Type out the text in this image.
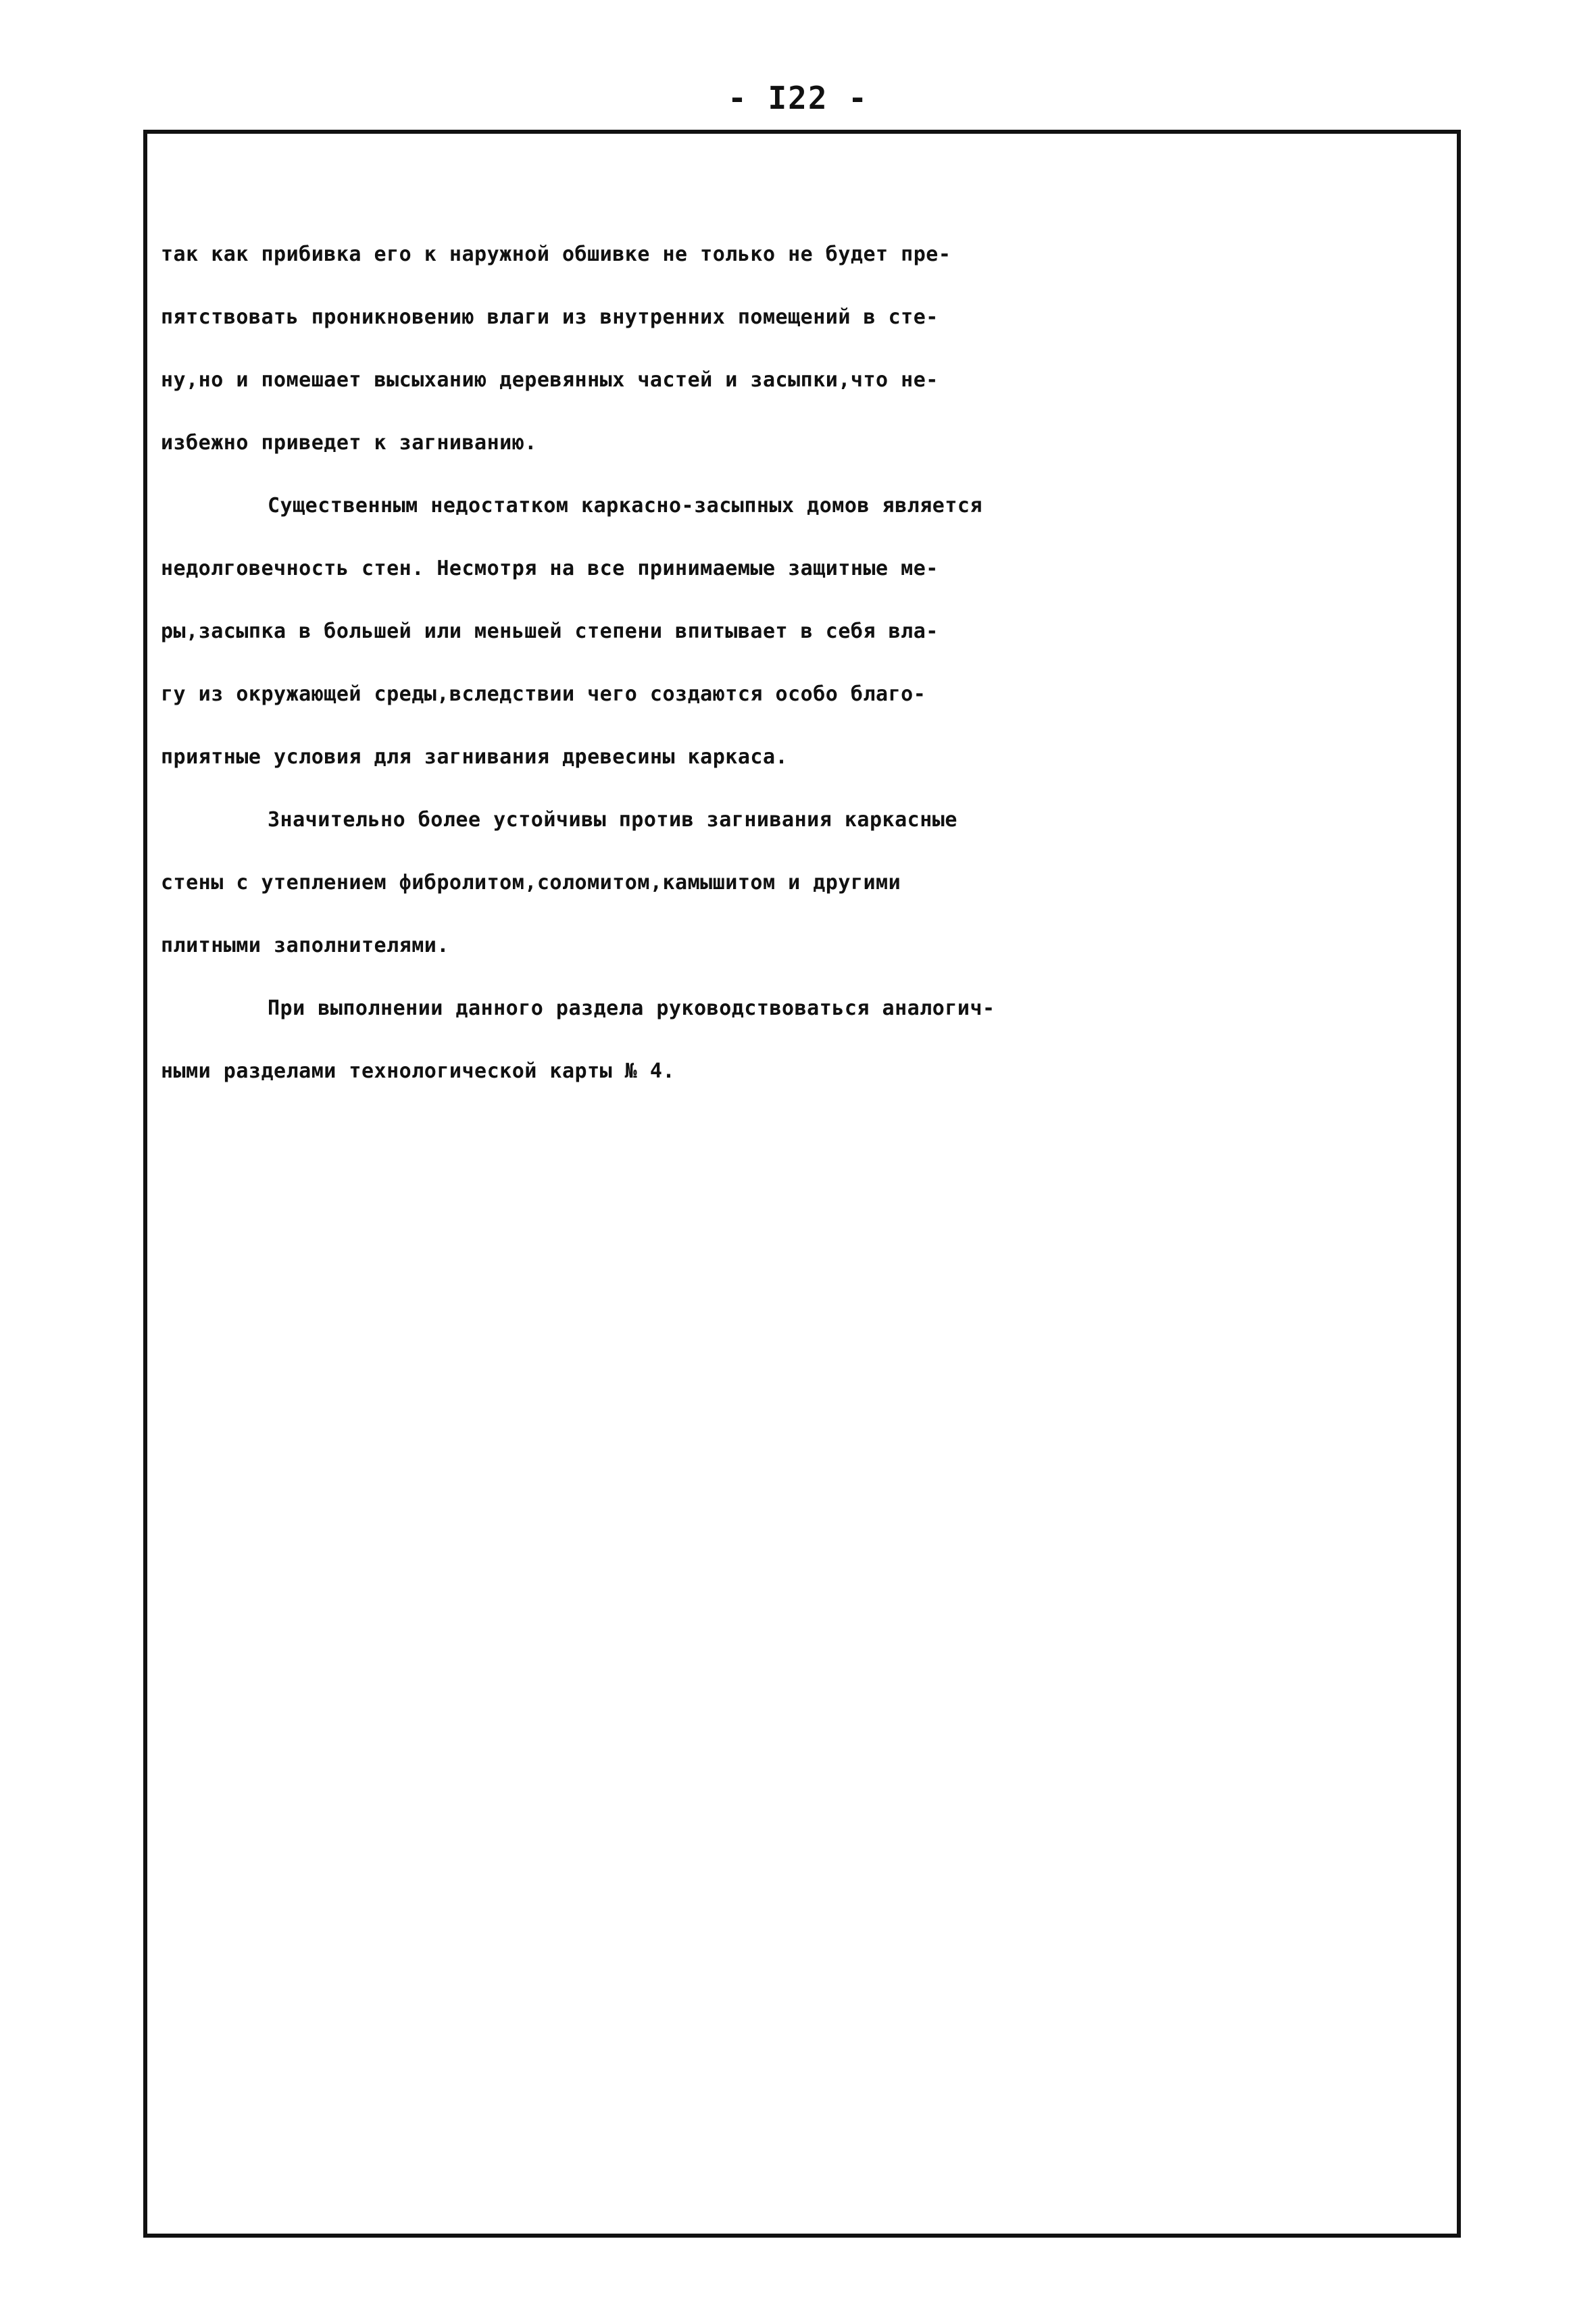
- I22 -
так как прибивка его к наружной обшивке не только не будет пре-
пятствовать проникновению влаги из внутренних помещений в сте-
ну,но и помешает высыханию деревянных частей и засыпки,что не-
избежно приведет к загниванию.
Существенным недостатком каркасно-засыпных домов является
недолговечность стен. Несмотря на все принимаемые защитные ме-
ры,засыпка в большей или меньшей степени впитывает в себя вла-
гу из окружающей среды,вследствии чего создаются особо благо-
приятные условия для загнивания древесины каркаса.
Значительно более устойчивы против загнивания каркасные
стены с утеплением фибролитом,соломитом,камышитом и другими
плитными заполнителями.
При выполнении данного раздела руководствоваться аналогич-
ными разделами технологической карты № 4.
